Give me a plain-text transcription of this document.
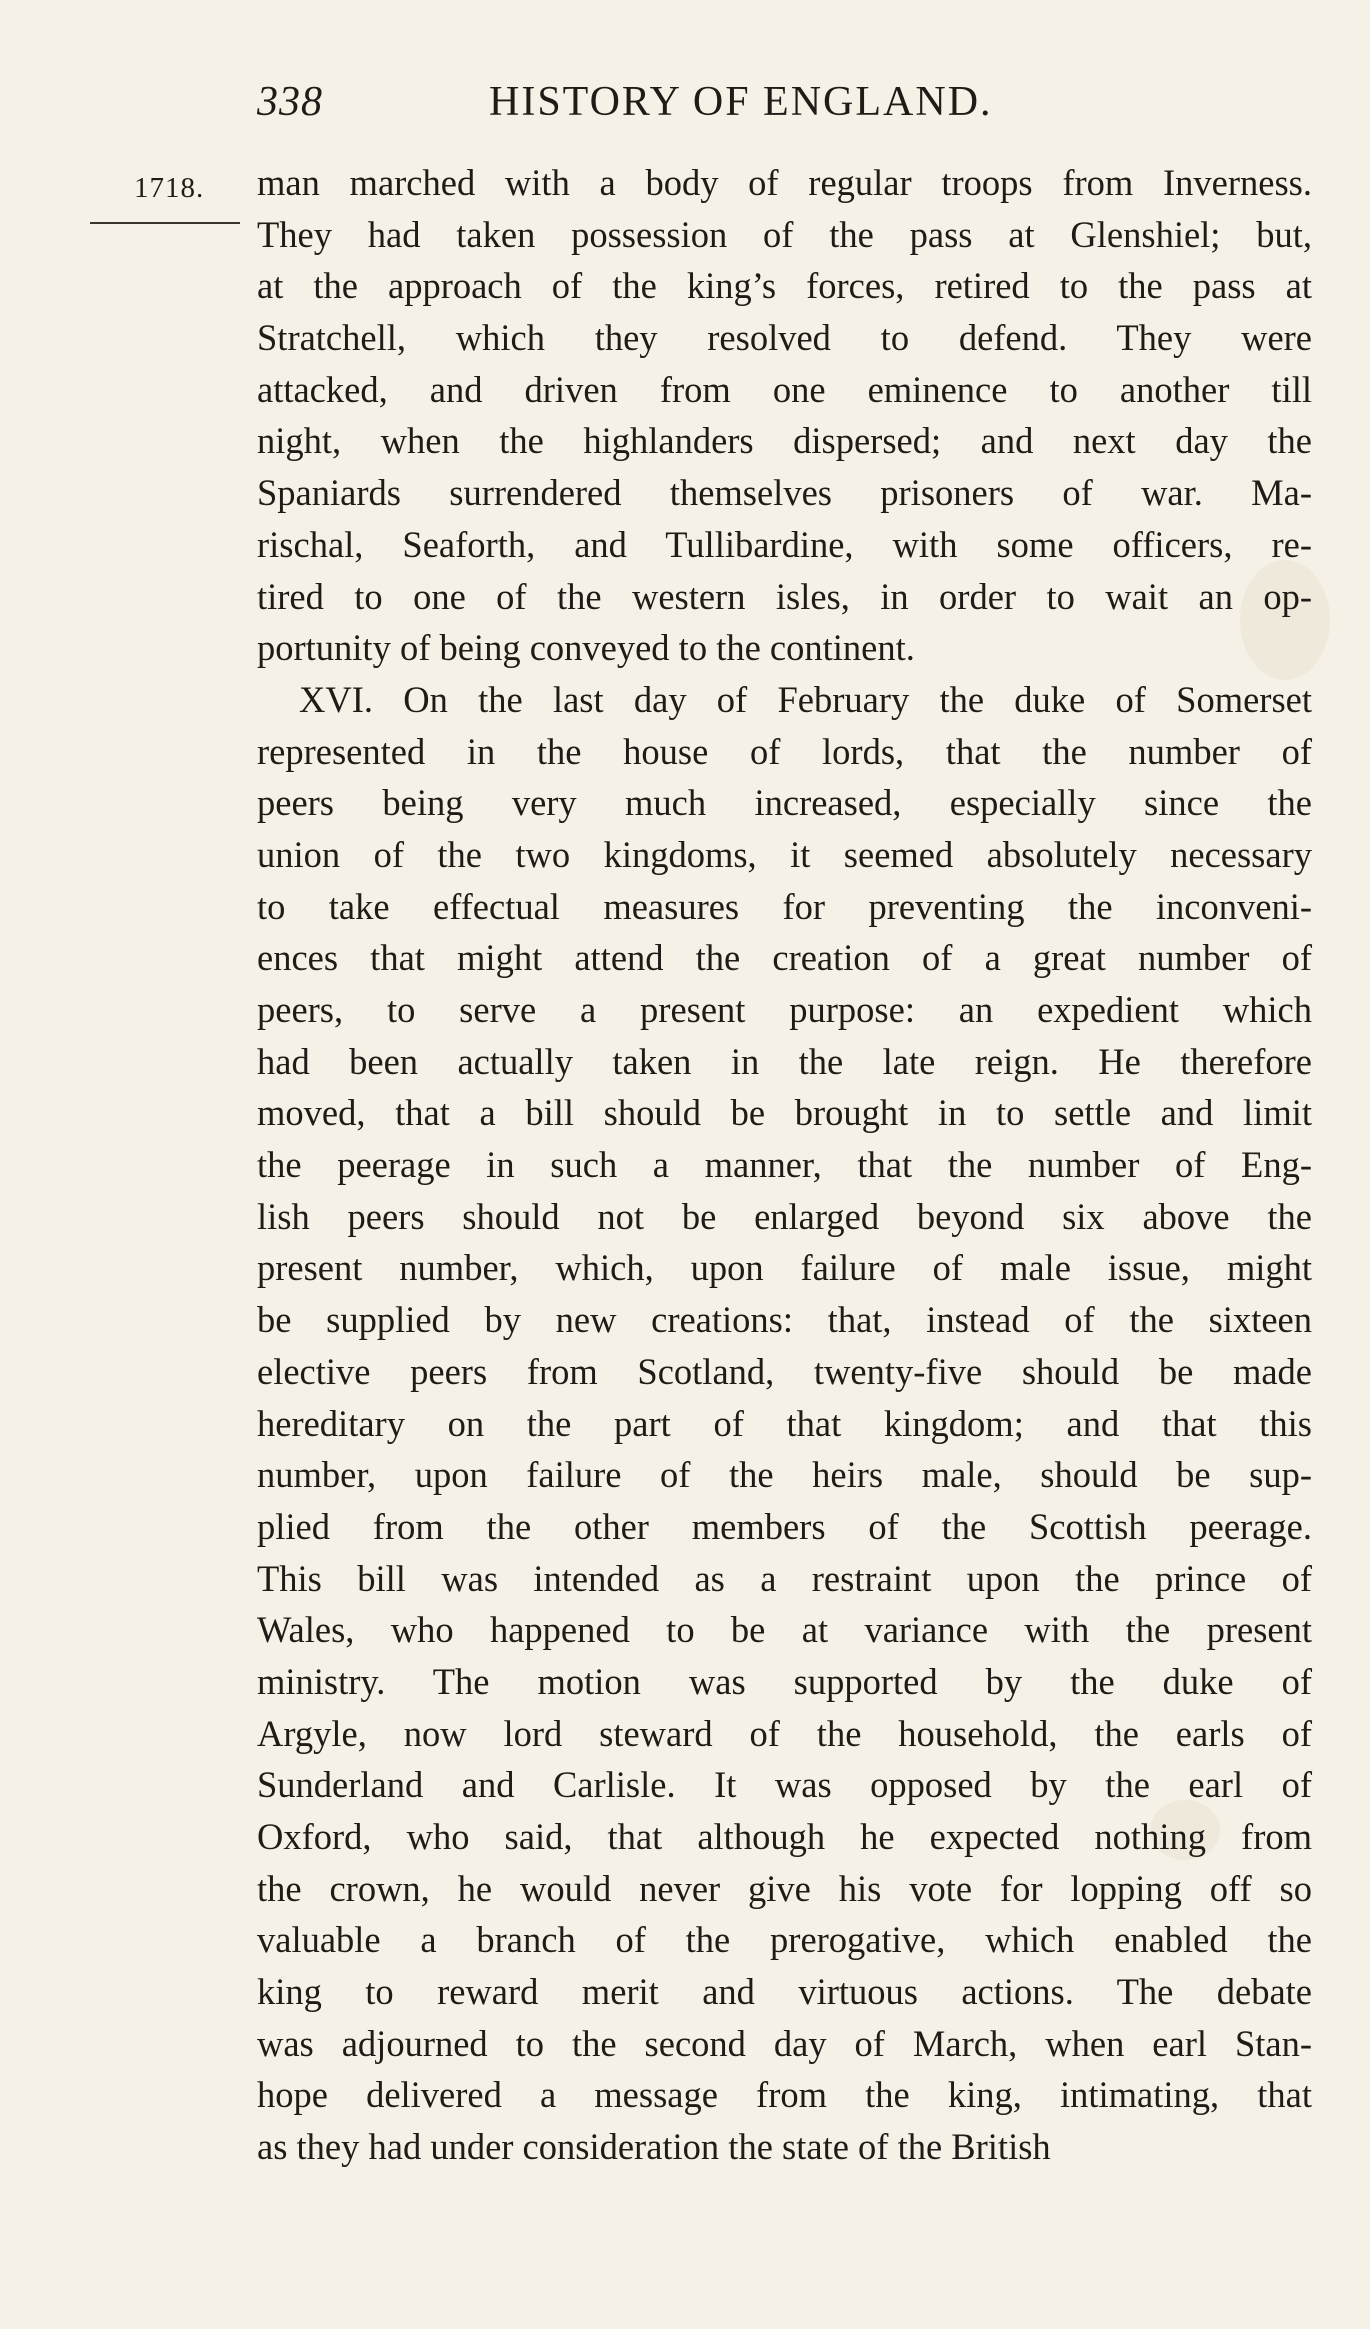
338	HISTORY OF ENGLAND.
1718. man marched with a body of regular troops from Inverness.
They had taken possession of the pass at Glenshiel; but,
at the approach of the king’s forces, retired to the pass at
Stratchell, which they resolved to defend. They were
attacked, and driven from one eminence to another till
night, when the highlanders dispersed; and next day the
Spaniards surrendered themselves prisoners of war. Ma-
rischal, Seaforth, and Tullibardine, with some officers, re-
tired to one of the western isles, in order to wait an op-
portunity of being conveyed to the continent.
XVI. On the last day of February the duke of Somerset
represented in the house of lords, that the number of
peers being very much increased, especially since the
union of the two kingdoms, it seemed absolutely necessary
to take effectual measures for preventing the inconveni-
ences that might attend the creation of a great number of
peers, to serve a present purpose: an expedient which
had been actually taken in the late reign. He therefore
moved, that a bill should be brought in to settle and limit
the peerage in such a manner, that the number of Eng-
lish peers should not be enlarged beyond six above the
present number, which, upon failure of male issue, might
be supplied by new creations: that, instead of the sixteen
elective peers from Scotland, twenty-five should be made
hereditary on the part of that kingdom; and that this
number, upon failure of the heirs male, should be sup-
plied from the other members of the Scottish peerage.
This bill was intended as a restraint upon the prince of
Wales, who happened to be at variance with the present
ministry. The motion was supported by the duke of
Argyle, now lord steward of the household, the earls of
Sunderland and Carlisle. It was opposed by the earl of
Oxford, who said, that although he expected nothing from
the crown, he would never give his vote for lopping off so
valuable a branch of the prerogative, which enabled the
king to reward merit and virtuous actions. The debate
was adjourned to the second day of March, when earl Stan-
hope delivered a message from the king, intimating, that
as they had under consideration the state of the British
